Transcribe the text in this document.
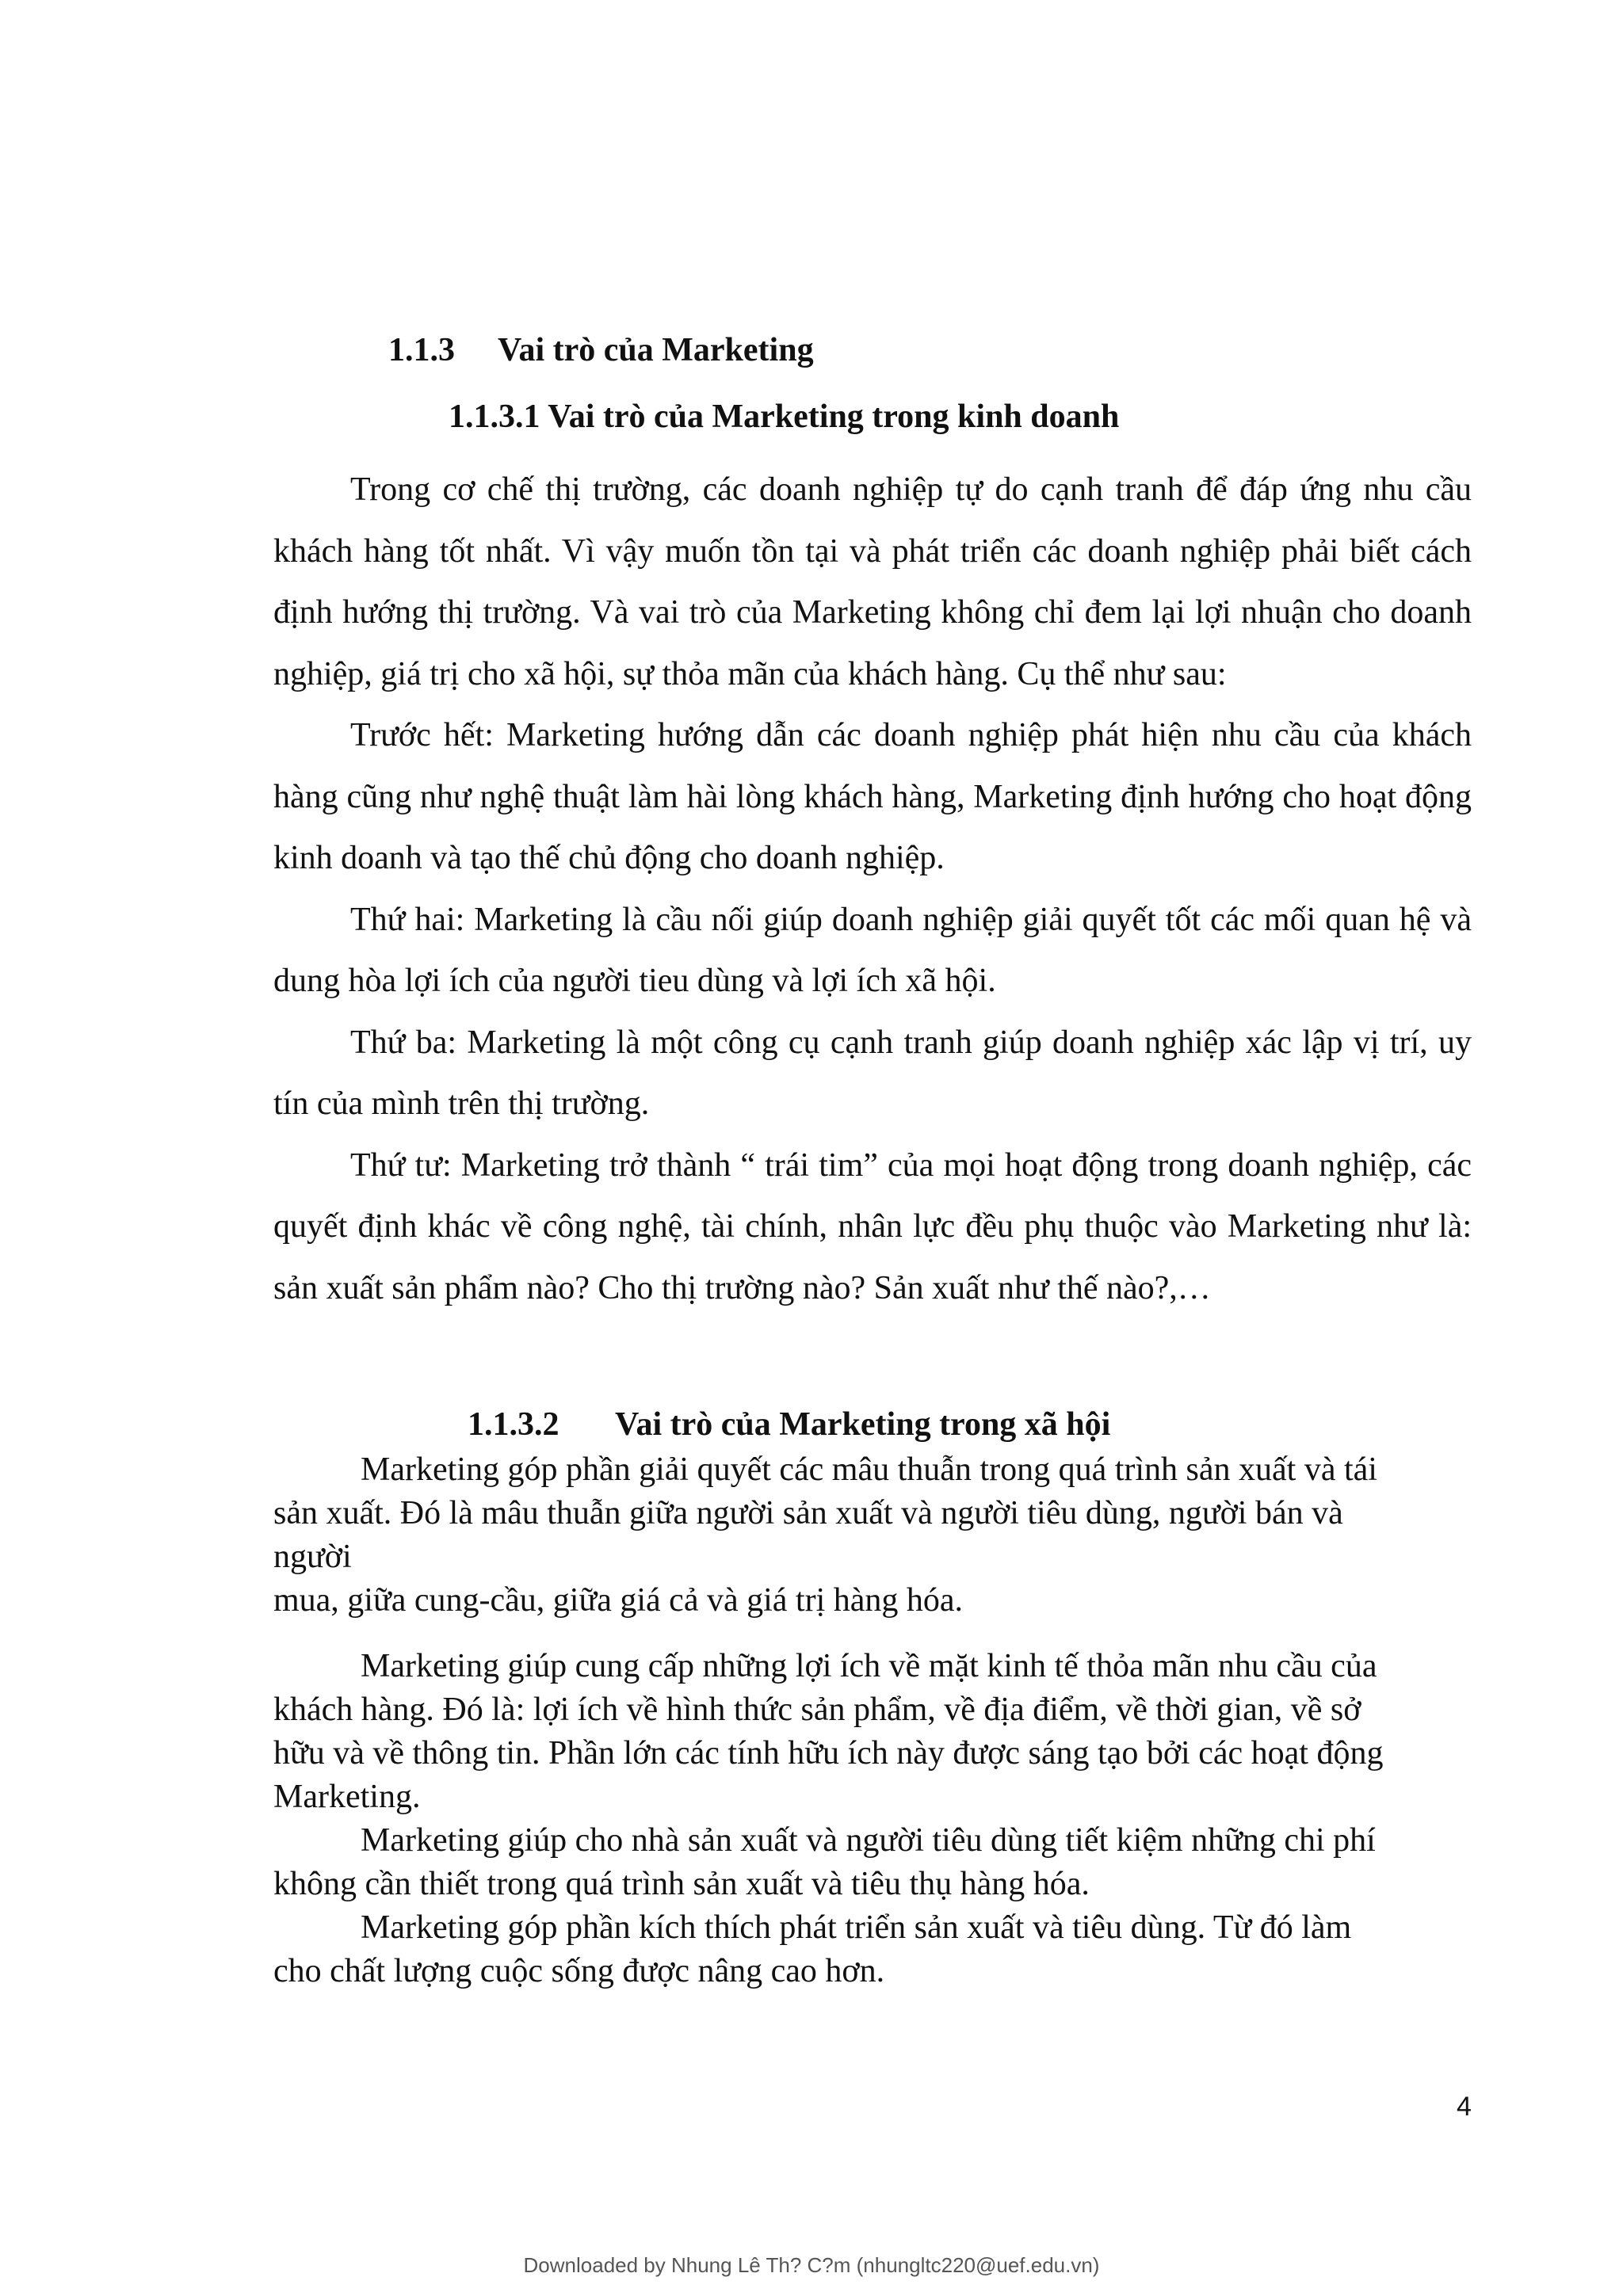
1.1.3 Vai trò của Marketing
1.1.3.1 Vai trò của Marketing trong kinh doanh

Trong cơ chế thị trường, các doanh nghiệp tự do cạnh tranh để đáp ứng nhu cầu khách hàng tốt nhất. Vì vậy muốn tồn tại và phát triển các doanh nghiệp phải biết cách định hướng thị trường. Và vai trò của Marketing không chỉ đem lại lợi nhuận cho doanh nghiệp, giá trị cho xã hội, sự thỏa mãn của khách hàng. Cụ thể như sau:

Trước hết: Marketing hướng dẫn các doanh nghiệp phát hiện nhu cầu của khách hàng cũng như nghệ thuật làm hài lòng khách hàng, Marketing định hướng cho hoạt động kinh doanh và tạo thế chủ động cho doanh nghiệp.

Thứ hai: Marketing là cầu nối giúp doanh nghiệp giải quyết tốt các mối quan hệ và dung hòa lợi ích của người tieu dùng và lợi ích xã hội.

Thứ ba: Marketing là một công cụ cạnh tranh giúp doanh nghiệp xác lập vị trí, uy tín của mình trên thị trường.

Thứ tư: Marketing trở thành “ trái tim” của mọi hoạt động trong doanh nghiệp, các quyết định khác về công nghệ, tài chính, nhân lực đều phụ thuộc vào Marketing như là: sản xuất sản phẩm nào? Cho thị trường nào? Sản xuất như thế nào?,…

1.1.3.2 Vai trò của Marketing trong xã hội

Marketing góp phần giải quyết các mâu thuẫn trong quá trình sản xuất và tái
sản xuất. Đó là mâu thuẫn giữa người sản xuất và người tiêu dùng, người bán và
người
mua, giữa cung-cầu, giữa giá cả và giá trị hàng hóa.

Marketing giúp cung cấp những lợi ích về mặt kinh tế thỏa mãn nhu cầu của
khách hàng. Đó là: lợi ích về hình thức sản phẩm, về địa điểm, về thời gian, về sở
hữu và về thông tin. Phần lớn các tính hữu ích này được sáng tạo bởi các hoạt động
Marketing.

Marketing giúp cho nhà sản xuất và người tiêu dùng tiết kiệm những chi phí
không cần thiết trong quá trình sản xuất và tiêu thụ hàng hóa.

Marketing góp phần kích thích phát triển sản xuất và tiêu dùng. Từ đó làm
cho chất lượng cuộc sống được nâng cao hơn.

4

Downloaded by Nhung Lê Th? C?m (nhungltc220@uef.edu.vn)
